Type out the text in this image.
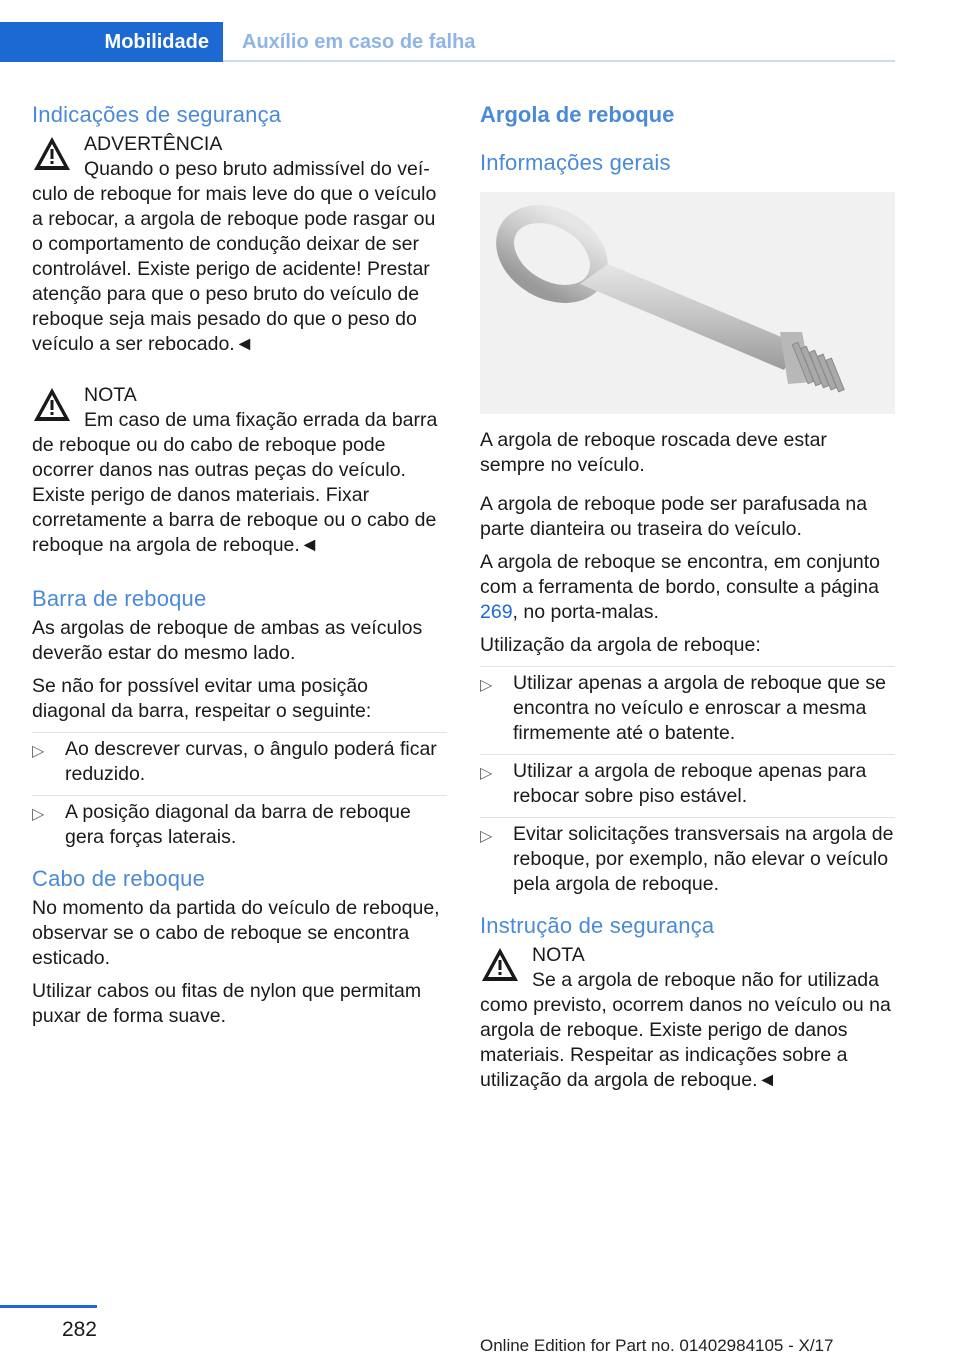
Mobilidade	Auxílio em caso de falha
Indicações de segurança
ADVERTÊNCIA
Quando o peso bruto admissível do veí-
culo de reboque for mais leve do que o veículo a rebocar, a argola de reboque pode rasgar ou o comportamento de condução deixar de ser controlável. Existe perigo de acidente! Prestar atenção para que o peso bruto do veículo de reboque seja mais pesado do que o peso do veículo a ser rebocado.◄
NOTA
Em caso de uma fixação errada da barra
de reboque ou do cabo de reboque pode ocorrer danos nas outras peças do veículo. Existe perigo de danos materiais. Fixar corretamente a barra de reboque ou o cabo de reboque na argola de reboque.◄
Barra de reboque

As argolas de reboque de ambas as veículos deverão estar do mesmo lado.

Se não for possível evitar uma posição diagonal da barra, respeitar o seguinte:

▷ Ao descrever curvas, o ângulo poderá ficar reduzido.
▷ A posição diagonal da barra de reboque gera forças laterais.
Cabo de reboque

No momento da partida do veículo de reboque, observar se o cabo de reboque se encontra esticado.

Utilizar cabos ou fitas de nylon que permitam puxar de forma suave.

Argola de reboque
Informações gerais

A argola de reboque roscada deve estar sempre no veículo.

A argola de reboque pode ser parafusada na parte dianteira ou traseira do veículo.

A argola de reboque se encontra, em conjunto com a ferramenta de bordo, consulte a página 269, no porta-malas.

Utilização da argola de reboque:

▷ Utilizar apenas a argola de reboque que se encontra no veículo e enroscar a mesma firmemente até o batente.
▷ Utilizar a argola de reboque apenas para rebocar sobre piso estável.
▷ Evitar solicitações transversais na argola de reboque, por exemplo, não elevar o veículo pela argola de reboque.
Instrução de segurança
NOTA
Se a argola de reboque não for utilizada
como previsto, ocorrem danos no veículo ou na argola de reboque. Existe perigo de danos materiais. Respeitar as indicações sobre a utilização da argola de reboque.◄
282
Online Edition for Part no. 01402984105 - X/17
